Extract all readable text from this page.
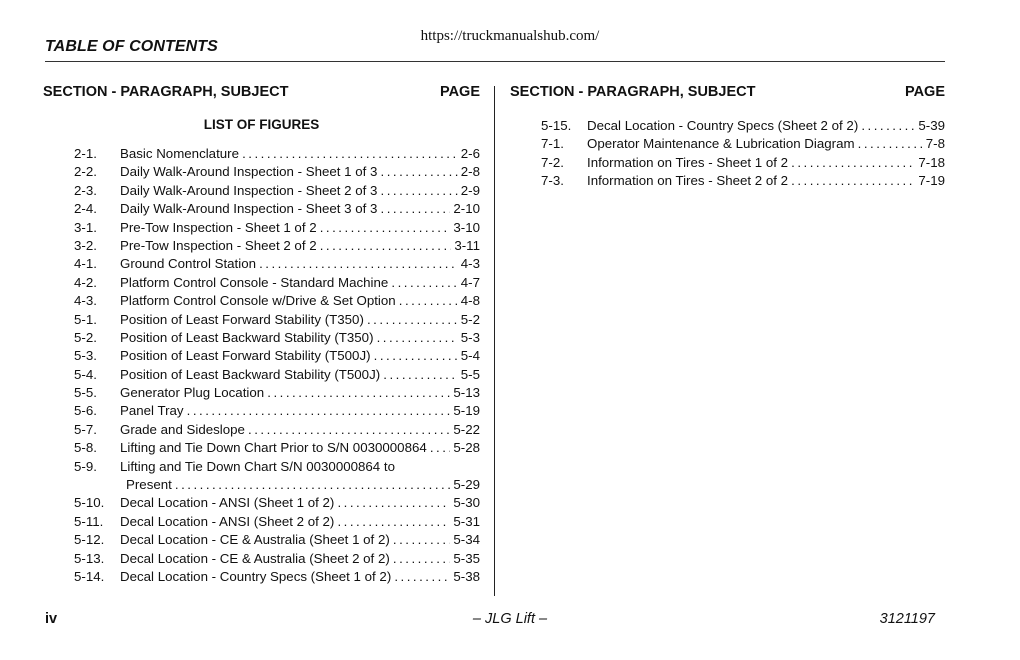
https://truckmanualshub.com/
TABLE OF CONTENTS
SECTION - PARAGRAPH, SUBJECT	PAGE
LIST OF FIGURES
2-1. Basic Nomenclature . . .	2-6
2-2. Daily Walk-Around Inspection - Sheet 1 of 3 . . .	2-8
2-3. Daily Walk-Around Inspection - Sheet 2 of 3 . . .	2-9
2-4. Daily Walk-Around Inspection - Sheet 3 of 3 . . .	2-10
3-1. Pre-Tow Inspection - Sheet 1 of 2 . . .	3-10
3-2. Pre-Tow Inspection - Sheet 2 of 2 . . .	3-11
4-1. Ground Control Station . . .	4-3
4-2. Platform Control Console - Standard Machine . . .	4-7
4-3. Platform Control Console w/Drive & Set Option . . .	4-8
5-1. Position of Least Forward Stability (T350) . . .	5-2
5-2. Position of Least Backward Stability (T350) . . .	5-3
5-3. Position of Least Forward Stability (T500J) . . .	5-4
5-4. Position of Least Backward Stability (T500J) . . .	5-5
5-5. Generator Plug Location . . .	5-13
5-6. Panel Tray . . .	5-19
5-7. Grade and Sideslope . . .	5-22
5-8. Lifting and Tie Down Chart Prior to S/N 0030000864 . . .	5-28
5-9. Lifting and Tie Down Chart S/N 0030000864 to
Present . . .	5-29
5-10. Decal Location - ANSI (Sheet 1 of 2) . . .	5-30
5-11. Decal Location - ANSI (Sheet 2 of 2) . . .	5-31
5-12. Decal Location - CE & Australia (Sheet 1 of 2) . . .	5-34
5-13. Decal Location - CE & Australia (Sheet 2 of 2) . . .	5-35
5-14. Decal Location - Country Specs (Sheet 1 of 2) . . .	5-38
SECTION - PARAGRAPH, SUBJECT	PAGE
5-15. Decal Location - Country Specs (Sheet 2 of 2) . . .	5-39
7-1. Operator Maintenance & Lubrication Diagram . . .	7-8
7-2. Information on Tires - Sheet 1 of 2 . . .	7-18
7-3. Information on Tires - Sheet 2 of 2 . . .	7-19
iv	– JLG Lift –	3121197
